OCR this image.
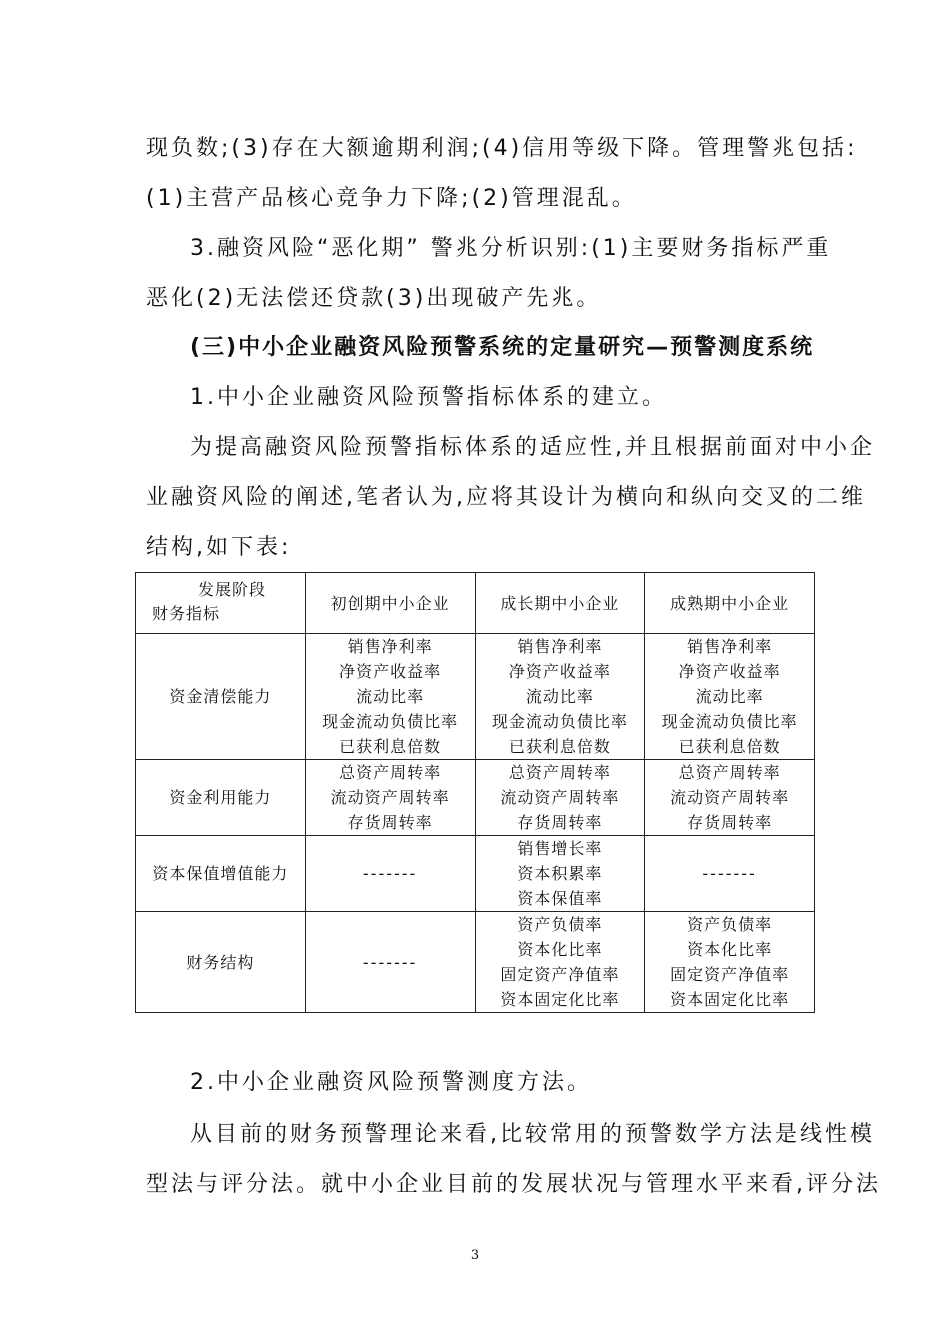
现负数;(3)存在大额逾期利润;(4)信用等级下降。管理警兆包括:
(1)主营产品核心竞争力下降;(2)管理混乱。
3.融资风险“恶化期” 警兆分析识别:(1)主要财务指标严重
恶化(2)无法偿还贷款(3)出现破产先兆。
(三)中小企业融资风险预警系统的定量研究—预警测度系统
1.中小企业融资风险预警指标体系的建立。
为提高融资风险预警指标体系的适应性,并且根据前面对中小企
业融资风险的阐述,笔者认为,应将其设计为横向和纵向交叉的二维
结构,如下表:
发展阶段
财务指标	初创期中小企业	成长期中小企业	成熟期中小企业
资金清偿能力	销售净利率
净资产收益率
流动比率
现金流动负债比率
已获利息倍数	销售净利率
净资产收益率
流动比率
现金流动负债比率
已获利息倍数	销售净利率
净资产收益率
流动比率
现金流动负债比率
已获利息倍数

资金利用能力	总资产周转率
流动资产周转率
存货周转率	总资产周转率
流动资产周转率
存货周转率	总资产周转率
流动资产周转率
存货周转率

资本保值增值能力	-------	销售增长率
资本积累率
资本保值率	-------

财务结构	-------	资产负债率
资本化比率
固定资产净值率
资本固定化比率	资产负债率
资本化比率
固定资产净值率
资本固定化比率
2.中小企业融资风险预警测度方法。
从目前的财务预警理论来看,比较常用的预警数学方法是线性模
型法与评分法。就中小企业目前的发展状况与管理水平来看,评分法
3
